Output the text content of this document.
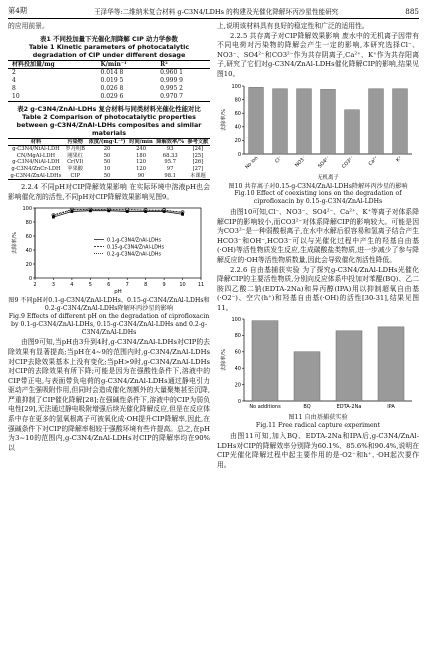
第4期	王泽华等:二维纳米复合材料 g-C3N4/LDHs 的构建及光催化降解环丙沙星性能研究	885

的应用前景。

表1 不同投加量下光催化剂降解 CIP 动力学参数
Table 1 Kinetic parameters of photocatalytic degradation of CIP under different dosage
材料投加量/mg	K/min⁻¹	R²
2	0.014 8	0.960 1
4	0.019 5	0.999 9
8	0.026 8	0.995 2
10	0.029 6	0.970 7
表2 g-C3N4/ZnAl-LDHs 复合材料与同类材料光催化性能对比
Table 2 Comparison of photocatalytic properties between g-C3N4/ZnAl-LDHs composites and similar materials
材料	污染物	浓度/(mg·L⁻¹)	时间/min	降解效率/%	参考文献
g-C3N4/NiAl-LDH	罗丹明B	20	240	93	[24]
CN/MgAl-LDH	刚果红	50	180	68.33	[25]
g-C3N4/NiAl-LDH	Cr(VI)	50	120	95.7	[26]
g-C3N4/ZnCr-LDH	苹果酸	10	120	97	[27]
g-C3N4/ZnAl-LDHs	CIP	50	90	98.1	本课题

2.2.4 不同pH对CIP降解效果影响 在实际环境中溶液pH也会影响催化剂的活性,不同pH对CIP降解效果影响见图9。

0
20
40
60
80
100
去除率/%
2	3	4	5	6	7	8	9	10 11
pH
0.1-g-C3N4/ZnAl-LDHs
0.15-g-C3N4/ZnAl-LDHs
0.2-g-C3N4/ZnAl-LDHs
图9 不同pH对0.1-g-C3N4/ZnAl-LDHs、0.15-g-C3N4/ZnAl-LDHs和0.2-g-C3N4/ZnAl-LDHs降解环丙沙星的影响
Fig.9 Effects of different pH on the degradation of ciprofloxacin by 0.1-g-C3N4/ZnAl-LDHs, 0.15-g-C3N4/ZnAl-LDHs and 0.2-g-C3N4/ZnAl-LDHs

由图9可知,当pH由3升到4时,g-C3N4/ZnAl-LDHs对CIP的去除效果有显著提高;当pH在4~9的范围内时,g-C3N4/ZnAl-LDHs对CIP去除效果基本上没有变化;当pH>9时,g-C3N4/ZnAl-LDHs对CIP的去除效果有所下降;可能是因为在强酸性条件下,溶液中的CIP带正电,与表面带负电荷的g-C3N4/ZnAl-LDHs通过静电引力驱动产生强吸附作用,但同时会造成催化剂额外的大量聚集甚至沉降,严重抑制了CIP催化降解[28];在强碱性条件下,溶液中的CIP为弱负电性[29],无法通过静电吸附增强后续光催化降解反应,但是在反应体系中存在更多的氢氧根离子可被氧化成·OH提升CIP降解率,因此,在强碱条件下对CIP的降解率相较于强酸环境有些许提高。总之,在pH为3~10的范围内,g-C3N4/ZnAl-LDHs对CIP的降解率均在90%以

上,说明该材料具有良好的稳定性和广泛的适用性。

2.2.5 共存离子对CIP降解效果影响 废水中的无机离子因带有不同电荷对污染物的降解会产生一定的影响,本研究选择Cl⁻、NO3⁻、SO4²⁻和CO3²⁻作为共存阴离子,Ca²⁺、K⁺作为共存阳离子,研究了它们对g-C3N4/ZnAl-LDHs催化降解CIP的影响,结果见图10。

0
20
40
60
80
100
去除率/%
No ion	Cl⁻ NO3⁻ SO4²⁻ CO3²⁻	Ca²⁺	K⁺
无机离子
图10 共存离子对0.15-g-C3N4/ZnAl-LDHs降解环丙沙星的影响
Fig.10 Effect of coexisting ions on the degradation of ciprofloxacin by 0.15-g-C3N4/ZnAl-LDHs

由图10可知,Cl⁻、NO3⁻、SO4²⁻、Ca²⁺、K⁺等离子对体系降解CIP的影响较小,而CO3²⁻对体系降解CIP的影响较大。可能是因为CO3²⁻是一种弱酸根离子,在水中水解后很容易和氢离子结合产生HCO3⁻和OH⁻,HCO3⁻可以与光催化过程中产生的羟基自由基(·OH)等活性物质发生反应,生成碳酸盐类物质,进一步减少了参与降解反应的·OH等活性物质数量,因此会导致催化剂活性降低。

2.2.6 自由基捕获实验 为了探究g-C3N4/ZnAl-LDHs光催化降解CIP的主要活性物质,分别向反应体系中投加对苯醌(BQ)、乙二胺四乙酸二钠(EDTA-2Na)和异丙醇(IPA)用以抑制超氧自由基(·O2⁻)、空穴(h⁺)和羟基自由基(·OH)的活性[30-31],结果见图11。

0
20
40
60
80
100
去除率/%
No additions	BQ	EDTA-2Na	IPA
图11 自由基捕获实验
Fig.11 Free radical capture experiment

由图11可知,加入BQ、EDTA-2Na和IPA后,g-C3N4/ZnAl-LDHs对CIP的降解效率分别降为60.1%、85.6%和90.4%,说明在CIP光催化降解过程中起主要作用的是·O2⁻和h⁺、·OH起次要作用。
